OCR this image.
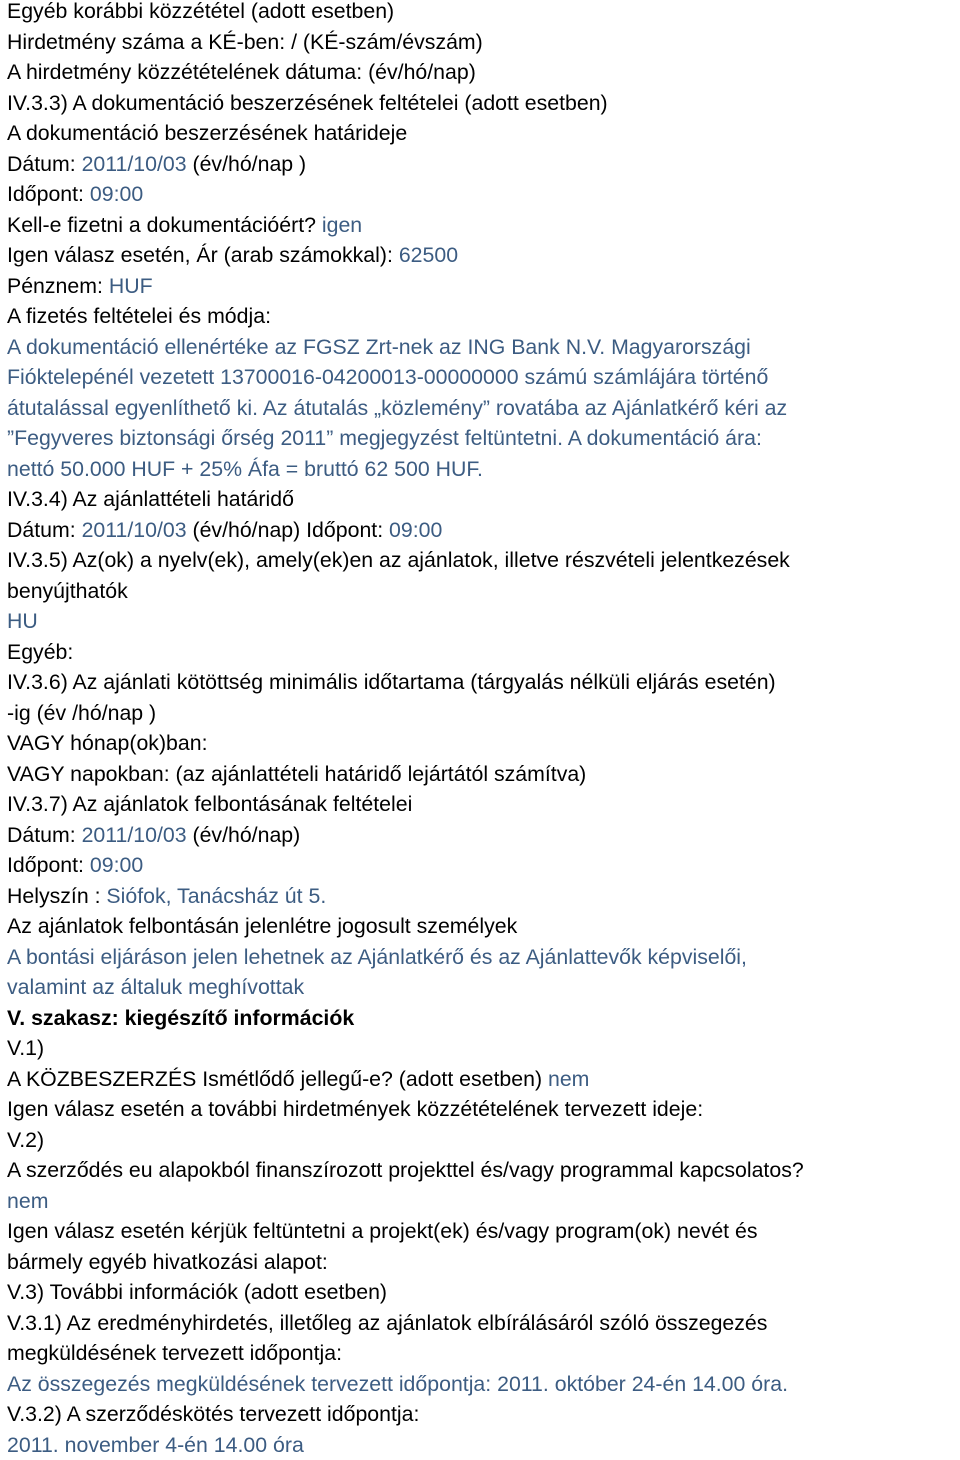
Egyéb korábbi közzététel (adott esetben)
Hirdetmény száma a KÉ-ben: / (KÉ-szám/évszám)
A hirdetmény közzétételének dátuma: (év/hó/nap)
IV.3.3) A dokumentáció beszerzésének feltételei (adott esetben)
A dokumentáció beszerzésének határideje
Dátum: 2011/10/03 (év/hó/nap )
Időpont: 09:00
Kell-e fizetni a dokumentációért? igen
Igen válasz esetén, Ár (arab számokkal): 62500
Pénznem: HUF
A fizetés feltételei és módja:
A dokumentáció ellenértéke az FGSZ Zrt-nek az ING Bank N.V. Magyarországi
Fióktelepénél vezetett 13700016-04200013-00000000 számú számlájára történő
átutalással egyenlíthető ki. Az átutalás „közlemény” rovatába az Ajánlatkérő kéri az
”Fegyveres biztonsági őrség 2011” megjegyzést feltüntetni. A dokumentáció ára:
nettó 50.000 HUF + 25% Áfa = bruttó 62 500 HUF.
IV.3.4) Az ajánlattételi határidő
Dátum: 2011/10/03 (év/hó/nap) Időpont: 09:00
IV.3.5) Az(ok) a nyelv(ek), amely(ek)en az ajánlatok, illetve részvételi jelentkezések
benyújthatók
HU
Egyéb:
IV.3.6) Az ajánlati kötöttség minimális időtartama (tárgyalás nélküli eljárás esetén)
-ig (év /hó/nap )
VAGY hónap(ok)ban:
VAGY napokban: (az ajánlattételi határidő lejártától számítva)
IV.3.7) Az ajánlatok felbontásának feltételei
Dátum: 2011/10/03 (év/hó/nap)
Időpont: 09:00
Helyszín : Siófok, Tanácsház út 5.
Az ajánlatok felbontásán jelenlétre jogosult személyek
A bontási eljáráson jelen lehetnek az Ajánlatkérő és az Ajánlattevők képviselői,
valamint az általuk meghívottak
V. szakasz: kiegészítő információk
V.1)
A KÖZBESZERZÉS Ismétlődő jellegű-e? (adott esetben) nem
Igen válasz esetén a további hirdetmények közzétételének tervezett ideje:
V.2)
A szerződés eu alapokból finanszírozott projekttel és/vagy programmal kapcsolatos?
nem
Igen válasz esetén kérjük feltüntetni a projekt(ek) és/vagy program(ok) nevét és
bármely egyéb hivatkozási alapot:
V.3) További információk (adott esetben)
V.3.1) Az eredményhirdetés, illetőleg az ajánlatok elbírálásáról szóló összegezés
megküldésének tervezett időpontja:
Az összegezés megküldésének tervezett időpontja: 2011. október 24-én 14.00 óra.
V.3.2) A szerződéskötés tervezett időpontja:
2011. november 4-én 14.00 óra
